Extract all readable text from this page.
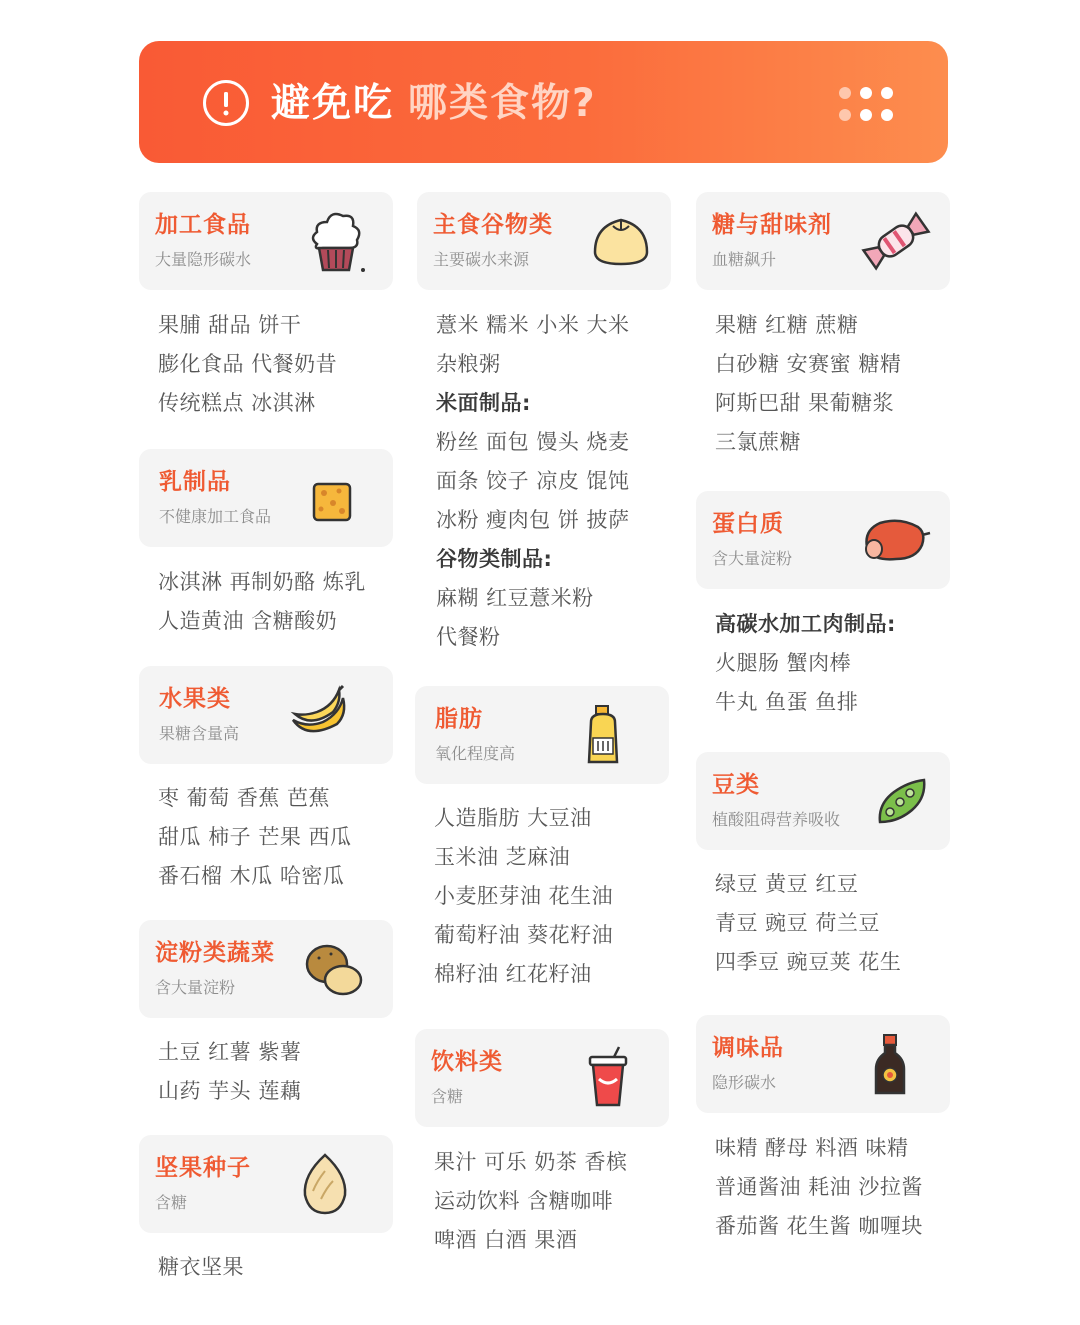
避免吃 哪类食物?
加工食品
大量隐形碳水

果脯 甜品 饼干

膨化食品 代餐奶昔

传统糕点 冰淇淋

乳制品
不健康加工食品

冰淇淋 再制奶酪 炼乳

人造黄油 含糖酸奶

水果类
果糖含量高

枣 葡萄 香蕉 芭蕉

甜瓜 柿子 芒果 西瓜

番石榴 木瓜 哈密瓜

淀粉类蔬菜
含大量淀粉

土豆 红薯 紫薯

山药 芋头 莲藕

坚果种子
含糖

糖衣坚果

主食谷物类
主要碳水来源

薏米 糯米 小米 大米

杂粮粥

米面制品:

粉丝 面包 馒头 烧麦

面条 饺子 凉皮 馄饨

冰粉 瘦肉包 饼 披萨

谷物类制品:

麻糊 红豆薏米粉

代餐粉

脂肪
氧化程度高

人造脂肪 大豆油

玉米油 芝麻油

小麦胚芽油 花生油

葡萄籽油 葵花籽油

棉籽油 红花籽油

饮料类
含糖

果汁 可乐 奶茶 香槟

运动饮料 含糖咖啡

啤酒 白酒 果酒

糖与甜味剂
血糖飙升

果糖 红糖 蔗糖

白砂糖 安赛蜜 糖精

阿斯巴甜 果葡糖浆

三氯蔗糖

蛋白质
含大量淀粉

高碳水加工肉制品:

火腿肠 蟹肉棒

牛丸 鱼蛋 鱼排

豆类
植酸阻碍营养吸收

绿豆 黄豆 红豆

青豆 豌豆 荷兰豆

四季豆 豌豆荚 花生

调味品
隐形碳水

味精 酵母 料酒 味精

普通酱油 耗油 沙拉酱

番茄酱 花生酱 咖喱块
